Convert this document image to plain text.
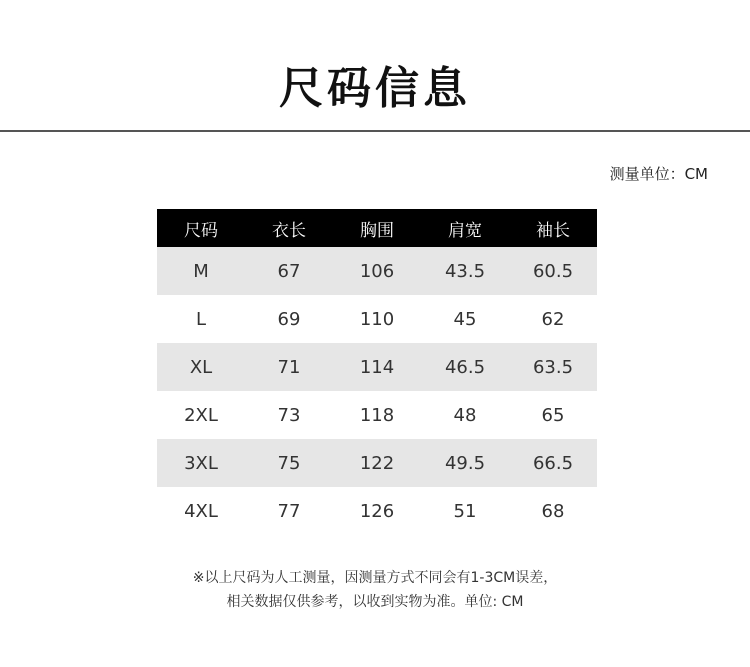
尺码信息
测量单位：CM
尺码	衣长	胸围	肩宽	袖长
M	67	106	43.5	60.5
L	69	110	45	62
XL	71	114	46.5	63.5
2XL	73	118	48	65
3XL	75	122	49.5	66.5
4XL	77	126	51	68
※以上尺码为人工测量，因测量方式不同会有1-3CM误差，
相关数据仅供参考，以收到实物为准。单位: CM
